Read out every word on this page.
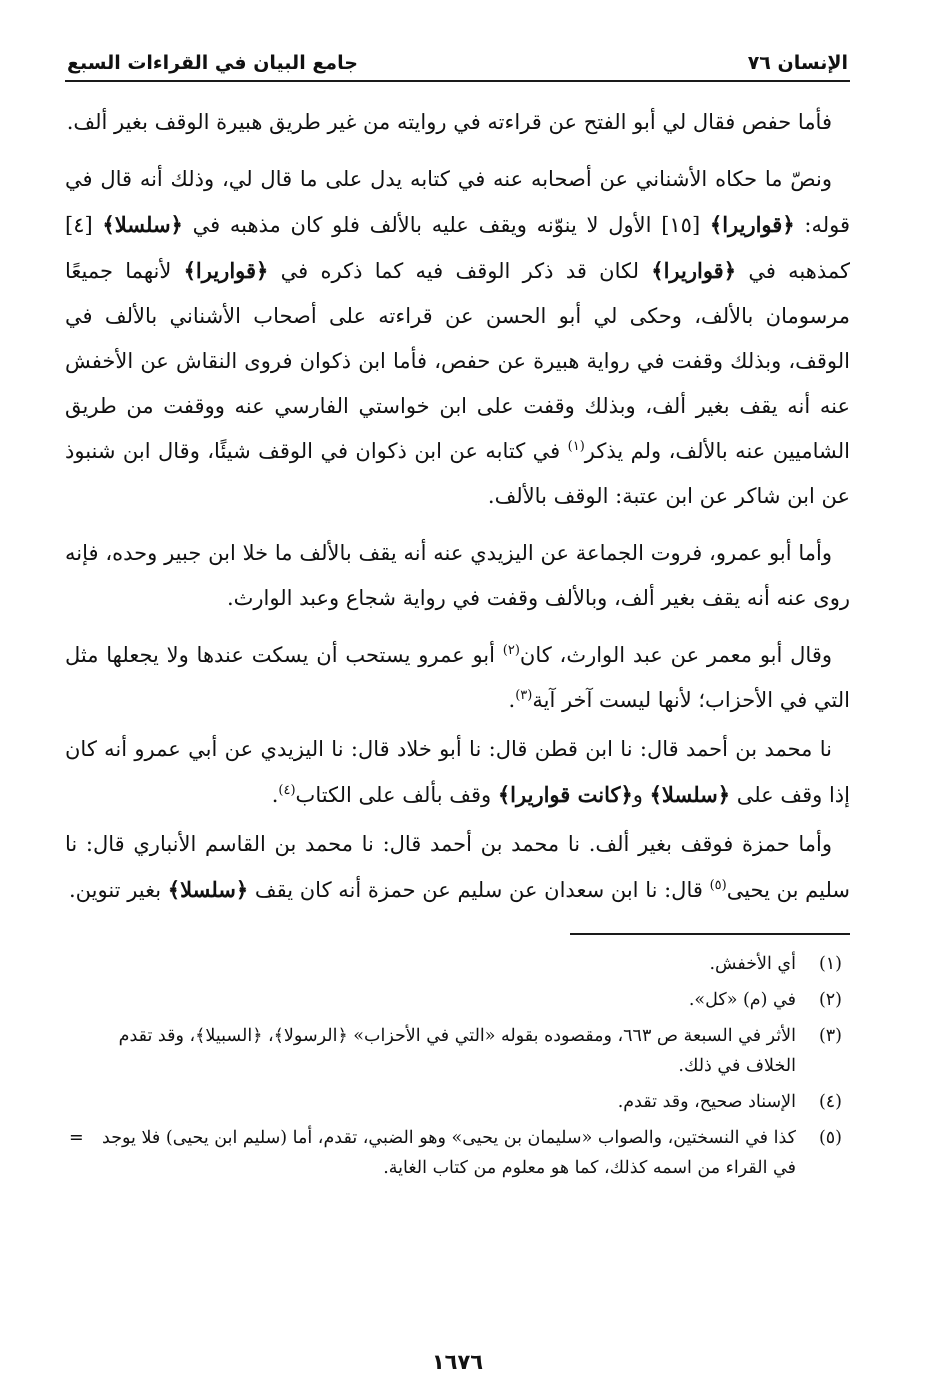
الإنسان ٧٦
جامع البيان في القراءات السبع

فأما حفص فقال لي أبو الفتح عن قراءته في روايته من غير طريق هبيرة الوقف بغير ألف.

ونصّ ما حكاه الأشناني عن أصحابه عنه في كتابه يدل على ما قال لي، وذلك أنه قال في قوله: ﴿قواريرا﴾ [١٥] الأول لا ينوّنه ويقف عليه بالألف فلو كان مذهبه في ﴿سلسلا﴾ [٤] كمذهبه في ﴿قواريرا﴾ لكان قد ذكر الوقف فيه كما ذكره في ﴿قواريرا﴾ لأنهما جميعًا مرسومان بالألف، وحكى لي أبو الحسن عن قراءته على أصحاب الأشناني بالألف في الوقف، وبذلك وقفت في رواية هبيرة عن حفص، فأما ابن ذكوان فروى النقاش عن الأخفش عنه أنه يقف بغير ألف، وبذلك وقفت على ابن خواستي الفارسي عنه ووقفت من طريق الشاميين عنه بالألف، ولم يذكر$^{(١)}$ في كتابه عن ابن ذكوان في الوقف شيئًا، وقال ابن شنبوذ عن ابن شاكر عن ابن عتبة: الوقف بالألف.

وأما أبو عمرو، فروت الجماعة عن اليزيدي عنه أنه يقف بالألف ما خلا ابن جبير وحده، فإنه روى عنه أنه يقف بغير ألف، وبالألف وقفت في رواية شجاع وعبد الوارث.

وقال أبو معمر عن عبد الوارث، كان$^{(٢)}$ أبو عمرو يستحب أن يسكت عندها ولا يجعلها مثل التي في الأحزاب؛ لأنها ليست آخر آية$^{(٣)}$.

نا محمد بن أحمد قال: نا ابن قطن قال: نا أبو خلاد قال: نا اليزيدي عن أبي عمرو أنه كان إذا وقف على ﴿سلسلا﴾ و﴿كانت قواريرا﴾ وقف بألف على الكتاب$^{(٤)}$.

وأما حمزة فوقف بغير ألف. نا محمد بن أحمد قال: نا محمد بن القاسم الأنباري قال: نا سليم بن يحيى$^{(٥)}$ قال: نا ابن سعدان عن سليم عن حمزة أنه كان يقف ﴿سلسلا﴾ بغير تنوين.

(١)
أي الأخفش.
(٢)
في (م) «كل».
(٣)
الأثر في السبعة ص ٦٦٣، ومقصوده بقوله «التي في الأحزاب» ﴿الرسولا﴾، ﴿السبيلا﴾، وقد تقدم الخلاف في ذلك.
(٤)
الإسناد صحيح، وقد تقدم.
(٥)
كذا في النسختين، والصواب «سليمان بن يحيى» وهو الضبي، تقدم، أما (سليم ابن يحيى) فلا يوجد في القراء من اسمه كذلك، كما هو معلوم من كتاب الغاية.
=
١٦٧٦
